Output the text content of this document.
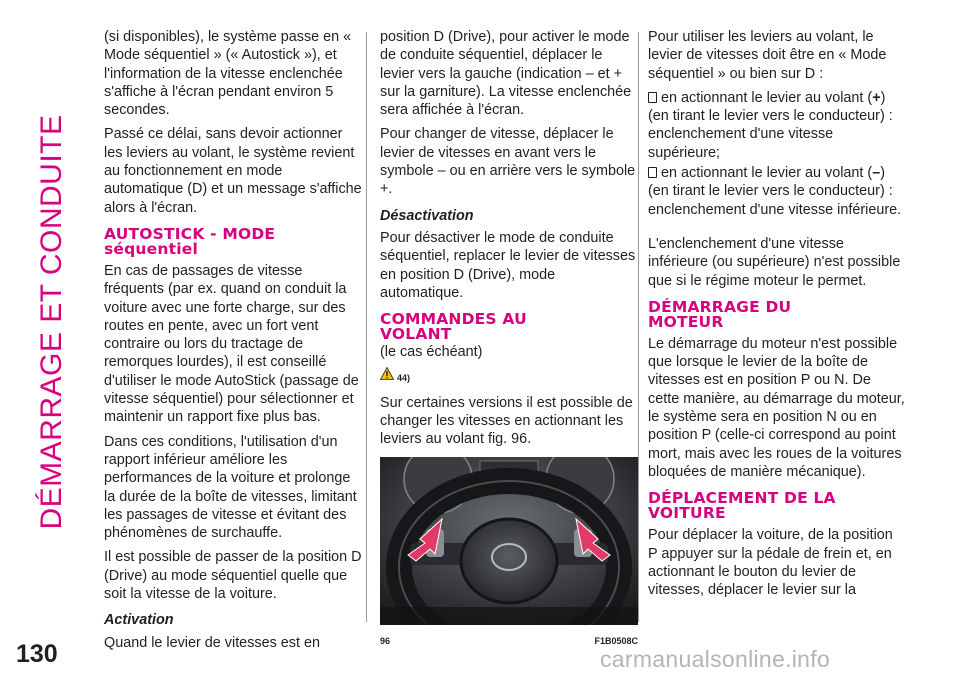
DÉMARRAGE ET CONDUITE
130

(si disponibles), le système passe en « Mode séquentiel » (« Autostick »), et l'information de la vitesse enclenchée s'affiche à l'écran pendant environ 5 secondes.

Passé ce délai, sans devoir actionner les leviers au volant, le système revient au fonctionnement en mode automatique (D) et un message s'affiche alors à l'écran.

AUTOSTICK - MODE
séquentiel

En cas de passages de vitesse fréquents (par ex. quand on conduit la voiture avec une forte charge, sur des routes en pente, avec un fort vent contraire ou lors du tractage de remorques lourdes), il est conseillé d'utiliser le mode AutoStick (passage de vitesse séquentiel) pour sélectionner et maintenir un rapport fixe plus bas.

Dans ces conditions, l'utilisation d'un rapport inférieur améliore les performances de la voiture et prolonge la durée de la boîte de vitesses, limitant les passages de vitesse et évitant des phénomènes de surchauffe.

Il est possible de passer de la position D (Drive) au mode séquentiel quelle que soit la vitesse de la voiture.

Activation

Quand le levier de vitesses est en

position D (Drive), pour activer le mode de conduite séquentiel, déplacer le levier vers la gauche (indication – et + sur la garniture). La vitesse enclenchée sera affichée à l'écran.

Pour changer de vitesse, déplacer le levier de vitesses en avant vers le symbole – ou en arrière vers le symbole +.

Désactivation

Pour désactiver le mode de conduite séquentiel, replacer le levier de vitesses en position D (Drive), mode automatique.

COMMANDES AU
VOLANT

(le cas échéant)

44)

Sur certaines versions il est possible de changer les vitesses en actionnant les leviers au volant fig. 96.

96	F1B0508C

Pour utiliser les leviers au volant, le levier de vitesses doit être en « Mode séquentiel » ou bien sur D :

en actionnant le levier au volant (+) (en tirant le levier vers le conducteur) : enclenchement d'une vitesse supérieure;

en actionnant le levier au volant (–) (en tirant le levier vers le conducteur) : enclenchement d'une vitesse inférieure.

L'enclenchement d'une vitesse inférieure (ou supérieure) n'est possible que si le régime moteur le permet.

DÉMARRAGE DU
MOTEUR

Le démarrage du moteur n'est possible que lorsque le levier de la boîte de vitesses est en position P ou N. De cette manière, au démarrage du moteur, le système sera en position N ou en position P (celle-ci correspond au point mort, mais avec les roues de la voitures bloquées de manière mécanique).

DÉPLACEMENT DE LA
VOITURE

Pour déplacer la voiture, de la position P appuyer sur la pédale de frein et, en actionnant le bouton du levier de vitesses, déplacer le levier sur la

carmanualsonline.info
